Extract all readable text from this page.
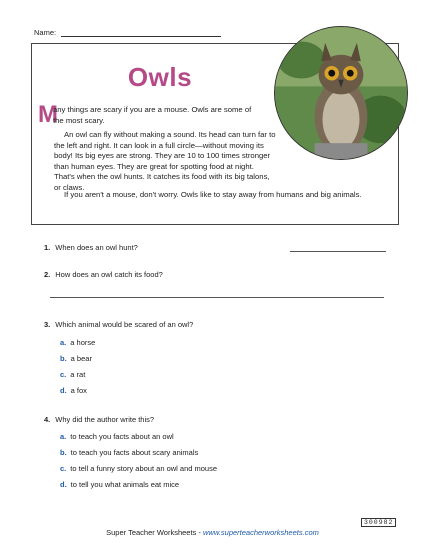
Name:
Owls
M

any things are scary if you are a mouse. Owls are some of the most scary.

An owl can fly without making a sound. Its head can turn far to the left and right. It can look in a full circle—without moving its body! Its big eyes are strong. They are 10 to 100 times stronger than human eyes. They are great for spotting food at night. That's when the owl hunts. It catches its food with its big talons, or claws.

If you aren't a mouse, don't worry. Owls like to stay away from humans and big animals.

1. When does an owl hunt?
2. How does an owl catch its food?
3. Which animal would be scared of an owl?
a. a horse
b. a bear
c. a rat
d. a fox
4. Why did the author write this?
a. to teach you facts about an owl
b. to teach you facts about scary animals
c. to tell a funny story about an owl and mouse
d. to tell you what animals eat mice
300982
Super Teacher Worksheets - www.superteacherworksheets.com
